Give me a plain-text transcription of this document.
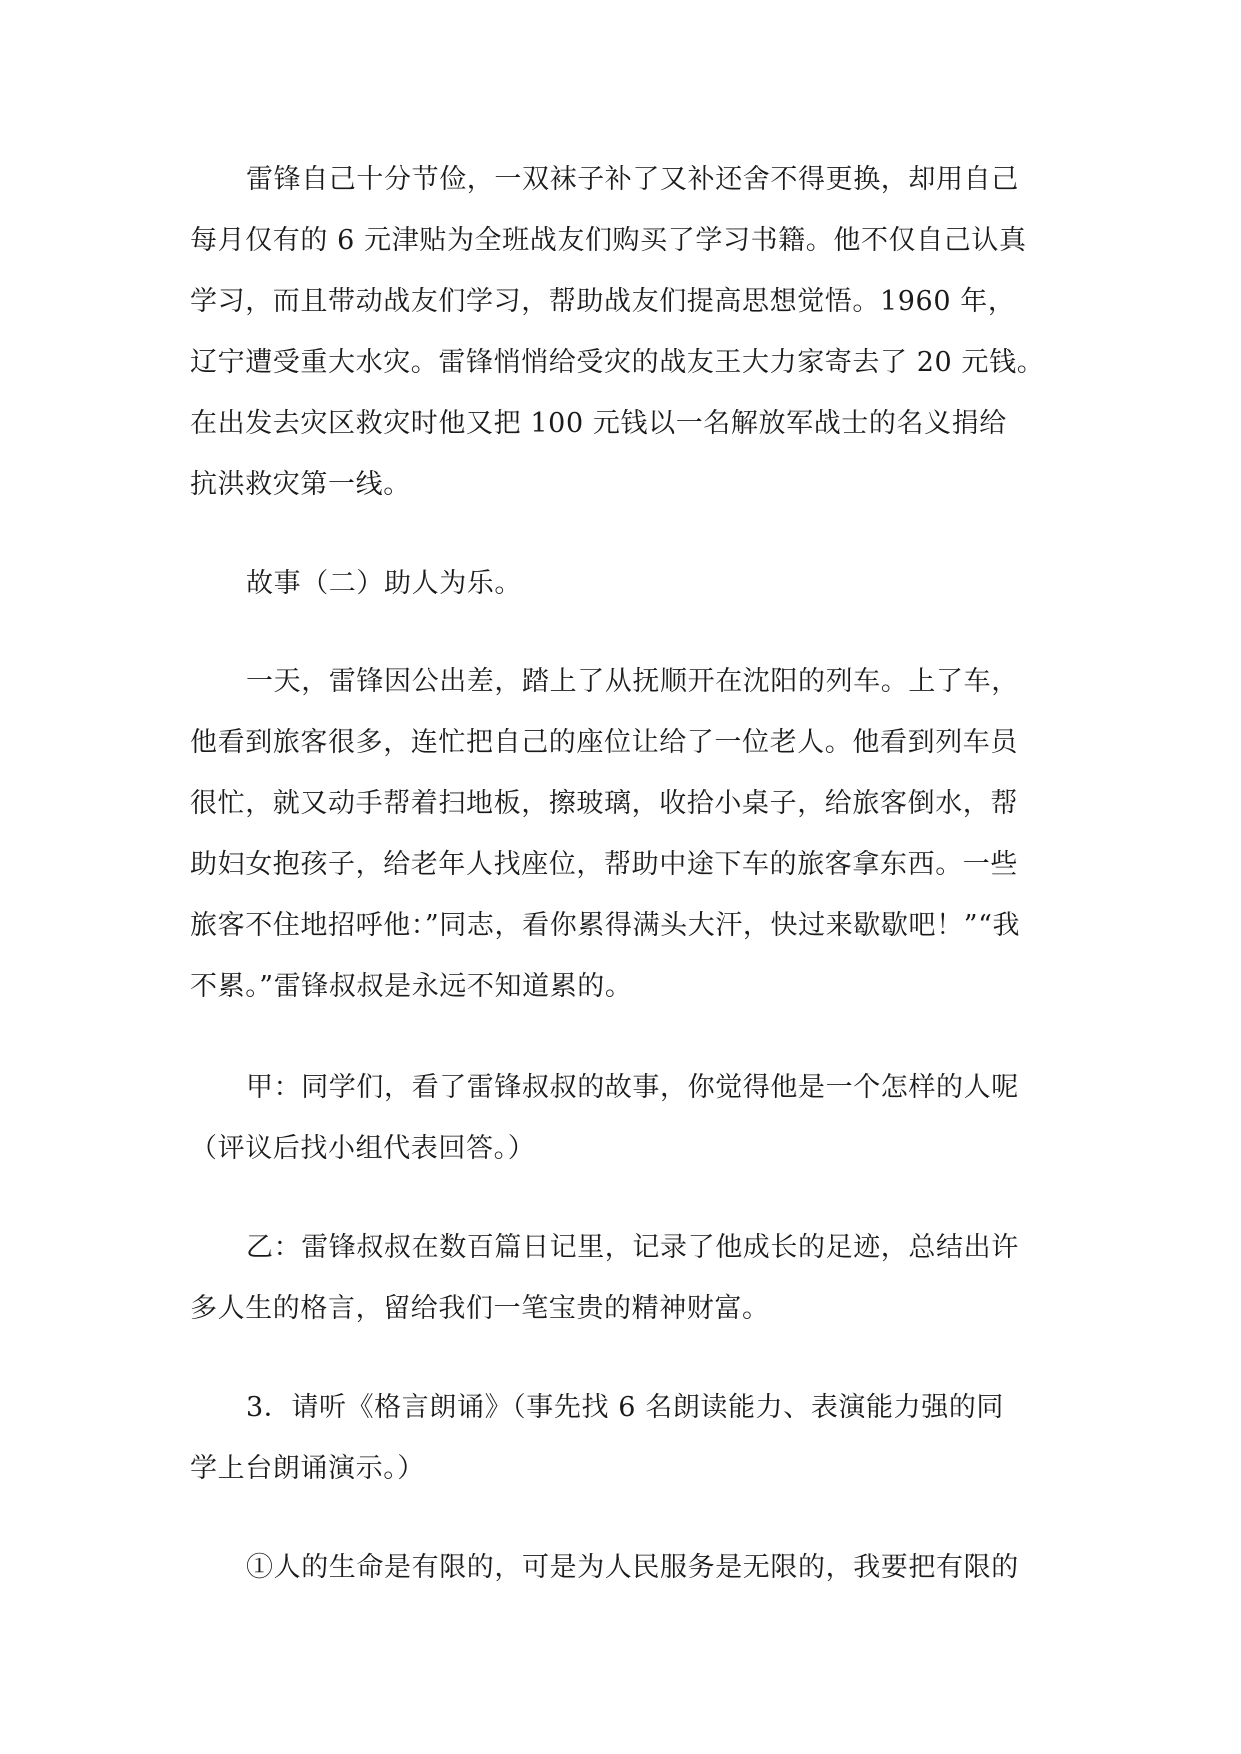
雷锋自己十分节俭，一双袜子补了又补还舍不得更换，却用自己
每月仅有的 6 元津贴为全班战友们购买了学习书籍。他不仅自己认真
学习，而且带动战友们学习，帮助战友们提高思想觉悟。1960 年，
辽宁遭受重大水灾。雷锋悄悄给受灾的战友王大力家寄去了 20 元钱。
在出发去灾区救灾时他又把 100 元钱以一名解放军战士的名义捐给
抗洪救灾第一线。
故事（二）助人为乐。
一天，雷锋因公出差，踏上了从抚顺开在沈阳的列车。上了车，
他看到旅客很多，连忙把自己的座位让给了一位老人。他看到列车员
很忙，就又动手帮着扫地板，擦玻璃，收拾小桌子，给旅客倒水，帮
助妇女抱孩子，给老年人找座位，帮助中途下车的旅客拿东西。一些
旅客不住地招呼他：”同志，看你累得满头大汗，快过来歇歇吧！”“我
不累。”雷锋叔叔是永远不知道累的。
甲：同学们，看了雷锋叔叔的故事，你觉得他是一个怎样的人呢
（评议后找小组代表回答。）
乙：雷锋叔叔在数百篇日记里，记录了他成长的足迹，总结出许
多人生的格言，留给我们一笔宝贵的精神财富。
3．请听《格言朗诵》（事先找 6 名朗读能力、表演能力强的同
学上台朗诵演示。）
①人的生命是有限的，可是为人民服务是无限的，我要把有限的
